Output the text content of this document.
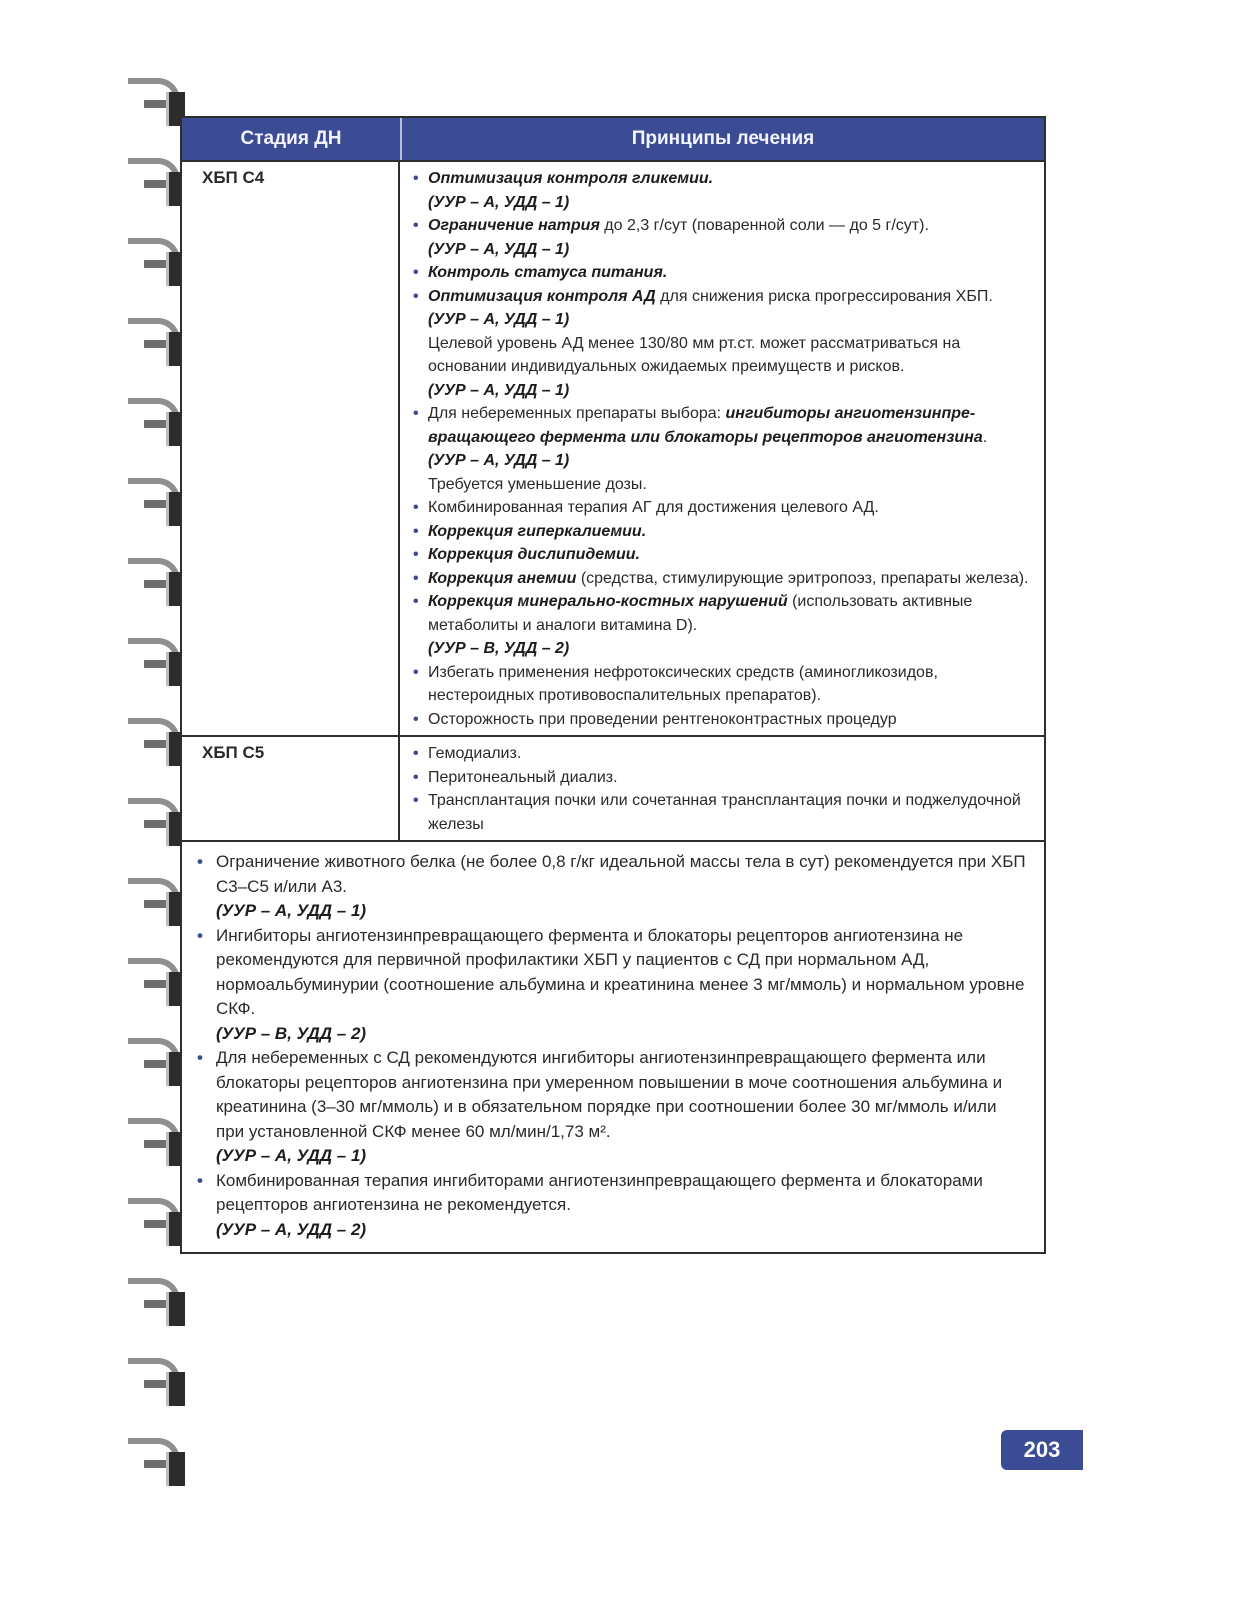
Стадия ДН	Принципы лечения
ХБП С4	• Оптимизация контроля гликемии.
(УУР – А, УДД – 1)
• Ограничение натрия до 2,3 г/сут (поваренной соли — до 5 г/сут).
(УУР – А, УДД – 1)
• Контроль статуса питания.
• Оптимизация контроля АД для снижения риска прогрессирования ХБП.
(УУР – А, УДД – 1)
Целевой уровень АД менее 130/80 мм рт.ст. может рассматриваться на основании индивидуальных ожидаемых преимуществ и рисков.
(УУР – А, УДД – 1)
• Для небеременных препараты выбора: ингибиторы ангиотензинпревращающего фермента или блокаторы рецепторов ангиотензина.
(УУР – А, УДД – 1)
Требуется уменьшение дозы.
• Комбинированная терапия АГ для достижения целевого АД.
• Коррекция гиперкалиемии.
• Коррекция дислипидемии.
• Коррекция анемии (средства, стимулирующие эритропоэз, препараты железа).
• Коррекция минерально-костных нарушений (использовать активные метаболиты и аналоги витамина D).
(УУР – В, УДД – 2)
• Избегать применения нефротоксических средств (аминогликозидов, нестероидных противовоспалительных препаратов).
• Осторожность при проведении рентгеноконтрастных процедур
ХБП С5	• Гемодиализ.
• Перитонеальный диализ.
• Трансплантация почки или сочетанная трансплантация почки и поджелудочной железы
• Ограничение животного белка (не более 0,8 г/кг идеальной массы тела в сут) рекомендуется при ХБП С3–С5 и/или А3.
(УУР – А, УДД – 1)
• Ингибиторы ангиотензинпревращающего фермента и блокаторы рецепторов ангиотензина не рекомендуются для первичной профилактики ХБП у пациентов с СД при нормальном АД, нормоальбуминурии (соотношение альбумина и креатинина менее 3 мг/ммоль) и нормальном уровне СКФ.
(УУР – В, УДД – 2)
• Для небеременных с СД рекомендуются ингибиторы ангиотензинпревращающего фермента или блокаторы рецепторов ангиотензина при умеренном повышении в моче соотношения альбумина и креатинина (3–30 мг/ммоль) и в обязательном порядке при соотношении более 30 мг/ммоль и/или при установленной СКФ менее 60 мл/мин/1,73 м².
(УУР – А, УДД – 1)
• Комбинированная терапия ингибиторами ангиотензинпревращающего фермента и блокаторами рецепторов ангиотензина не рекомендуется.
(УУР – А, УДД – 2)
203
